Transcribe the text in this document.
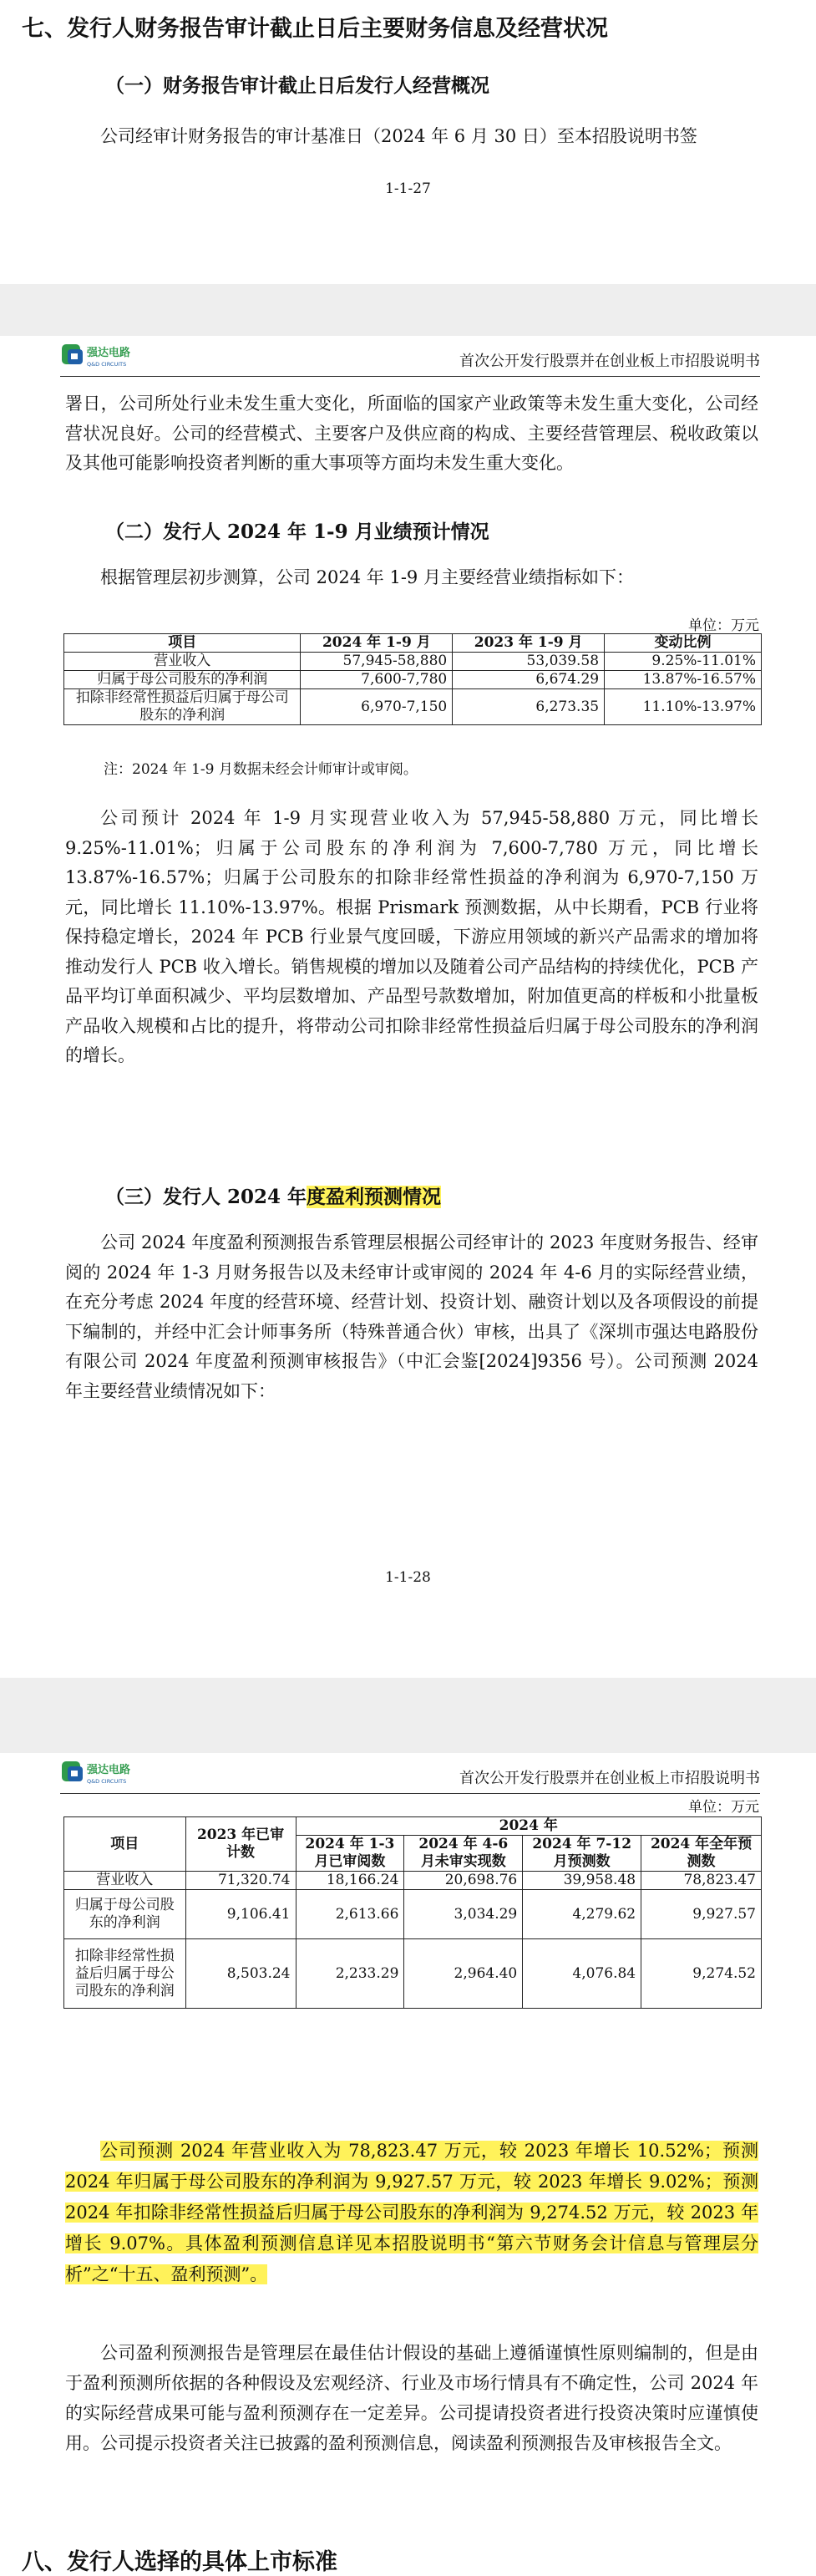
七、发行人财务报告审计截止日后主要财务信息及经营状况
（一）财务报告审计截止日后发行人经营概况
公司经审计财务报告的审计基准日（2024 年 6 月 30 日）至本招股说明书签
1-1-27
强达电路
Q&D CIRCUITS	首次公开发行股票并在创业板上市招股说明书
署日，公司所处行业未发生重大变化，所面临的国家产业政策等未发生重大变化，公司经营状况良好。公司的经营模式、主要客户及供应商的构成、主要经营管理层、税收政策以及其他可能影响投资者判断的重大事项等方面均未发生重大变化。
（二）发行人 2024 年 1-9 月业绩预计情况
根据管理层初步测算，公司 2024 年 1-9 月主要经营业绩指标如下：
单位：万元
项目	2024 年 1-9 月	2023 年 1-9 月	变动比例
营业收入	57,945-58,880	53,039.58	9.25%-11.01%
归属于母公司股东的净利润	7,600-7,780	6,674.29	13.87%-16.57%
扣除非经常性损益后归属于母公司股东的净利润	6,970-7,150	6,273.35	11.10%-13.97%
注：2024 年 1-9 月数据未经会计师审计或审阅。
公司预计 2024 年 1-9 月实现营业收入为 57,945-58,880 万元，同比增长 9.25%-11.01%；归属于公司股东的净利润为 7,600-7,780 万元，同比增长 13.87%-16.57%；归属于公司股东的扣除非经常性损益的净利润为 6,970-7,150 万元，同比增长 11.10%-13.97%。根据 Prismark 预测数据，从中长期看，PCB 行业将保持稳定增长，2024 年 PCB 行业景气度回暖，下游应用领域的新兴产品需求的增加将推动发行人 PCB 收入增长。销售规模的增加以及随着公司产品结构的持续优化，PCB 产品平均订单面积减少、平均层数增加、产品型号款数增加，附加值更高的样板和小批量板产品收入规模和占比的提升，将带动公司扣除非经常性损益后归属于母公司股东的净利润的增长。
（三）发行人 2024 年度盈利预测情况
公司 2024 年度盈利预测报告系管理层根据公司经审计的 2023 年度财务报告、经审阅的 2024 年 1-3 月财务报告以及未经审计或审阅的 2024 年 4-6 月的实际经营业绩，在充分考虑 2024 年度的经营环境、经营计划、投资计划、融资计划以及各项假设的前提下编制的，并经中汇会计师事务所（特殊普通合伙）审核，出具了《深圳市强达电路股份有限公司 2024 年度盈利预测审核报告》（中汇会鉴[2024]9356 号）。公司预测 2024 年主要经营业绩情况如下：
1-1-28
强达电路
Q&D CIRCUITS	首次公开发行股票并在创业板上市招股说明书
单位：万元
项目	2023 年已审计数	2024 年			
		2024 年 1-3 月已审阅数	2024 年 4-6 月未审实现数	2024 年 7-12 月预测数	2024 年全年预测数
营业收入	71,320.74	18,166.24	20,698.76	39,958.48	78,823.47
归属于母公司股东的净利润	9,106.41	2,613.66	3,034.29	4,279.62	9,927.57
扣除非经常性损益后归属于母公司股东的净利润	8,503.24	2,233.29	2,964.40	4,076.84	9,274.52
公司预测 2024 年营业收入为 78,823.47 万元，较 2023 年增长 10.52%；预测 2024 年归属于母公司股东的净利润为 9,927.57 万元，较 2023 年增长 9.02%；预测 2024 年扣除非经常性损益后归属于母公司股东的净利润为 9,274.52 万元，较 2023 年增长 9.07%。具体盈利预测信息详见本招股说明书“第六节财务会计信息与管理层分析”之“十五、盈利预测”。
公司盈利预测报告是管理层在最佳估计假设的基础上遵循谨慎性原则编制的，但是由于盈利预测所依据的各种假设及宏观经济、行业及市场行情具有不确定性，公司 2024 年的实际经营成果可能与盈利预测存在一定差异。公司提请投资者进行投资决策时应谨慎使用。公司提示投资者关注已披露的盈利预测信息，阅读盈利预测报告及审核报告全文。
八、发行人选择的具体上市标准
